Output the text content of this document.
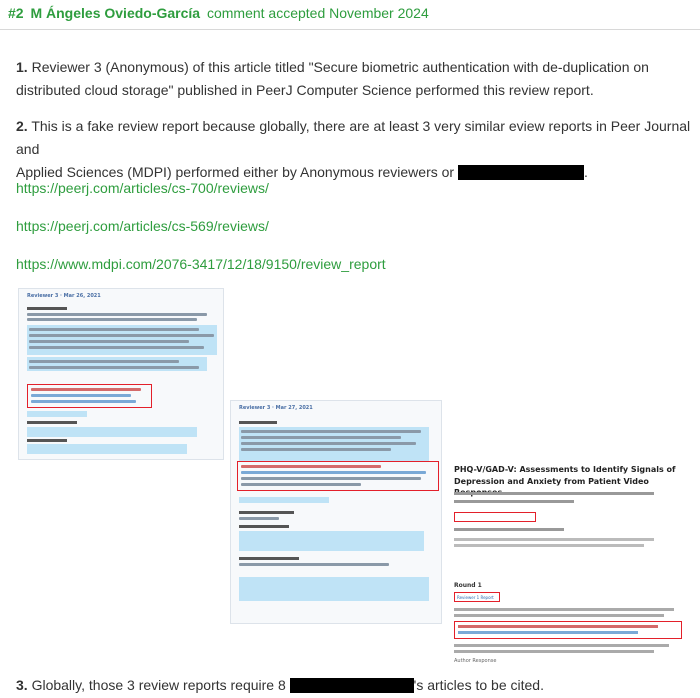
#2 M Ángeles Oviedo-García comment accepted November 2024
1. Reviewer 3 (Anonymous) of this article titled "Secure biometric authentication with de-duplication on
distributed cloud storage" published in PeerJ Computer Science performed this review report.
2. This is a fake review report because globally, there are at least 3 very similar eview reports in Peer Journal and
Applied Sciences (MDPI) performed either by Anonymous reviewers or	.
https://peerj.com/articles/cs-700/reviews/
https://peerj.com/articles/cs-569/reviews/
https://www.mdpi.com/2076-3417/12/18/9150/review_report
Reviewer 3 · Mar 26, 2021
Reviewer 3 · Mar 27, 2021
PHQ-V/GAD-V: Assessments to Identify Signals of
Depression and Anxiety from Patient Video
Round 1
Reviewer 1 Report
Author Response
3. Globally, those 3 review reports require 8	's articles to be cited.
